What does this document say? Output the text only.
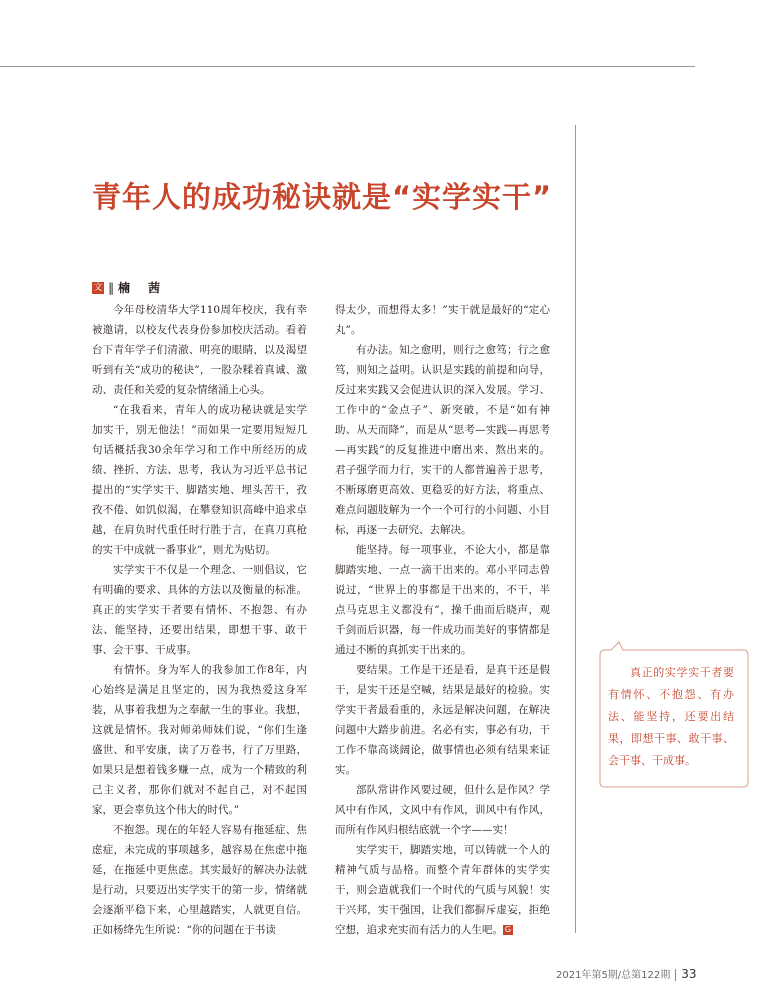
青年人的成功秘诀就是“实学实干”
文 ‖ 楠　茜

今年母校清华大学110周年校庆，我有幸被邀请，以校友代表身份参加校庆活动。看着台下青年学子们清澈、明亮的眼睛，以及渴望听到有关“成功的秘诀”，一股杂糅着真诚、激动、责任和关爱的复杂情绪涌上心头。

“在我看来，青年人的成功秘诀就是实学加实干，别无他法！”而如果一定要用短短几句话概括我30余年学习和工作中所经历的成绩、挫折、方法、思考，我认为习近平总书记提出的“实学实干、脚踏实地、埋头苦干，孜孜不倦、如饥似渴，在攀登知识高峰中追求卓越，在肩负时代重任时行胜于言，在真刀真枪的实干中成就一番事业”，则尤为贴切。

实学实干不仅是一个理念、一则倡议，它有明确的要求、具体的方法以及衡量的标准。真正的实学实干者要有情怀、不抱怨、有办法、能坚持，还要出结果，即想干事、敢干事、会干事、干成事。

有情怀。身为军人的我参加工作8年，内心始终是满足且坚定的，因为我热爱这身军装，从事着我想为之奉献一生的事业。我想，这就是情怀。我对师弟师妹们说，“你们生逢盛世、和平安康，读了万卷书，行了万里路，如果只是想着钱多赚一点，成为一个精致的利己主义者，那你们就对不起自己，对不起国家，更会辜负这个伟大的时代。”

不抱怨。现在的年轻人容易有拖延症、焦虑症，未完成的事项越多，越容易在焦虑中拖延，在拖延中更焦虑。其实最好的解决办法就是行动，只要迈出实学实干的第一步，情绪就会逐渐平稳下来，心里越踏实，人就更自信。正如杨绛先生所说：“你的问题在于书读

得太少，而想得太多！”实干就是最好的“定心丸”。

有办法。知之愈明，则行之愈笃；行之愈笃，则知之益明。认识是实践的前提和向导，反过来实践又会促进认识的深入发展。学习、工作中的“金点子”、新突破，不是“如有神助、从天而降”，而是从“思考—实践—再思考—再实践”的反复推进中磨出来、熬出来的。君子强学而力行，实干的人都普遍善于思考，不断琢磨更高效、更稳妥的好方法，将重点、难点问题肢解为一个一个可行的小问题、小目标，再逐一去研究、去解决。

能坚持。每一项事业，不论大小，都是靠脚踏实地、一点一滴干出来的。邓小平同志曾说过，“世界上的事都是干出来的，不干，半点马克思主义都没有”，操千曲而后晓声，观千剑而后识器，每一件成功而美好的事情都是通过不断的真抓实干出来的。

要结果。工作是干还是看，是真干还是假干，是实干还是空喊，结果是最好的检验。实学实干者最看重的，永远是解决问题，在解决问题中大踏步前进。名必有实，事必有功，干工作不靠高谈阔论，做事情也必须有结果来证实。

部队常讲作风要过硬，但什么是作风？学风中有作风，文风中有作风，训风中有作风，而所有作风归根结底就一个字——实！

实学实干，脚踏实地，可以铸就一个人的精神气质与品格。而整个青年群体的实学实干，则会造就我们一个时代的气质与风貌！实干兴邦，实干强国，让我们都摒斥虚妄，拒绝空想，追求充实而有活力的人生吧。 G

真正的实学实干者要有情怀、不抱怨、有办法、能坚持，还要出结果，即想干事、敢干事、会干事、干成事。

2021年第5期/总第122期 33
